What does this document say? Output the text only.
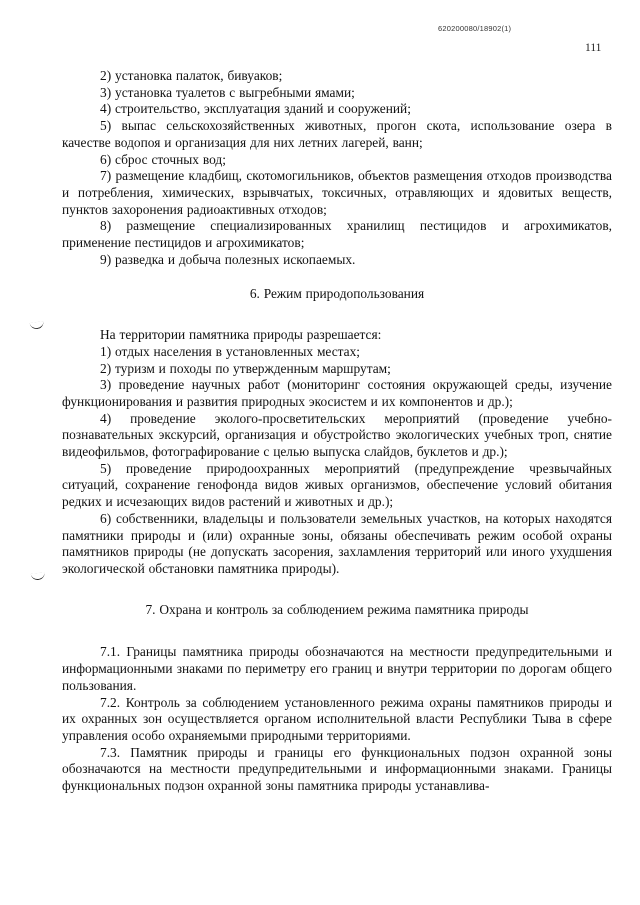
620200080/18902(1)
111

2) установка палаток, бивуаков;

3) установка туалетов с выгребными ямами;

4) строительство, эксплуатация зданий и сооружений;

5) выпас сельскохозяйственных животных, прогон скота, использование озера в качестве водопоя и организация для них летних лагерей, ванн;

6) сброс сточных вод;

7) размещение кладбищ, скотомогильников, объектов размещения отходов производства и потребления, химических, взрывчатых, токсичных, отравляющих и ядовитых веществ, пунктов захоронения радиоактивных отходов;

8) размещение специализированных хранилищ пестицидов и агрохимикатов, применение пестицидов и агрохимикатов;

9) разведка и добыча полезных ископаемых.

6. Режим природопользования

На территории памятника природы разрешается:

1) отдых населения в установленных местах;

2) туризм и походы по утвержденным маршрутам;

3) проведение научных работ (мониторинг состояния окружающей среды, изучение функционирования и развития природных экосистем и их компонентов и др.);

4) проведение эколого-просветительских мероприятий (проведение учебно-познавательных экскурсий, организация и обустройство экологических учебных троп, снятие видеофильмов, фотографирование с целью выпуска слайдов, буклетов и др.);

5) проведение природоохранных мероприятий (предупреждение чрезвычайных ситуаций, сохранение генофонда видов живых организмов, обеспечение условий обитания редких и исчезающих видов растений и животных и др.);

6) собственники, владельцы и пользователи земельных участков, на которых находятся памятники природы и (или) охранные зоны, обязаны обеспечивать режим особой охраны памятников природы (не допускать засорения, захламления территорий или иного ухудшения экологической обстановки памятника природы).

7. Охрана и контроль за соблюдением режима памятника природы

7.1. Границы памятника природы обозначаются на местности предупредительными и информационными знаками по периметру его границ и внутри территории по дорогам общего пользования.

7.2. Контроль за соблюдением установленного режима охраны памятников природы и их охранных зон осуществляется органом исполнительной власти Республики Тыва в сфере управления особо охраняемыми природными территориями.

7.3. Памятник природы и границы его функциональных подзон охранной зоны обозначаются на местности предупредительными и информационными знаками. Границы функциональных подзон охранной зоны памятника природы устанавлива-
